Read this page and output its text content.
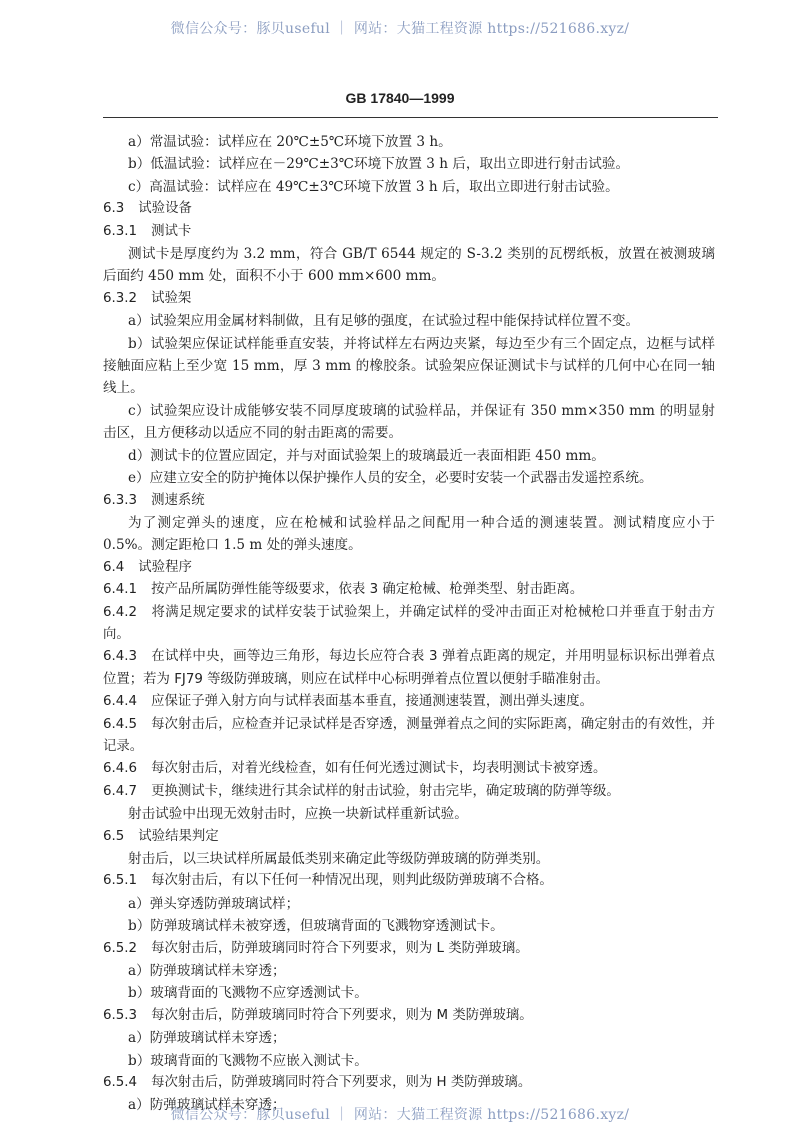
微信公众号：豚贝useful ｜ 网站：大猫工程资源 https://521686.xyz/
GB 17840—1999
a）常温试验：试样应在 20℃±5℃环境下放置 3 h。
b）低温试验：试样应在－29℃±3℃环境下放置 3 h 后，取出立即进行射击试验。
c）高温试验：试样应在 49℃±3℃环境下放置 3 h 后，取出立即进行射击试验。
6.3 试验设备
6.3.1 测试卡
测试卡是厚度约为 3.2 mm，符合 GB/T 6544 规定的 S-3.2 类别的瓦楞纸板，放置在被测玻璃后面约 450 mm 处，面积不小于 600 mm×600 mm。
6.3.2 试验架
a）试验架应用金属材料制做，且有足够的强度，在试验过程中能保持试样位置不变。
b）试验架应保证试样能垂直安装，并将试样左右两边夹紧，每边至少有三个固定点，边框与试样接触面应粘上至少宽 15 mm，厚 3 mm 的橡胶条。试验架应保证测试卡与试样的几何中心在同一轴线上。
c）试验架应设计成能够安装不同厚度玻璃的试验样品，并保证有 350 mm×350 mm 的明显射击区，且方便移动以适应不同的射击距离的需要。
d）测试卡的位置应固定，并与对面试验架上的玻璃最近一表面相距 450 mm。
e）应建立安全的防护掩体以保护操作人员的安全，必要时安装一个武器击发遥控系统。
6.3.3 测速系统
为了测定弹头的速度，应在枪械和试验样品之间配用一种合适的测速装置。测试精度应小于0.5%。测定距枪口 1.5 m 处的弹头速度。
6.4 试验程序
6.4.1 按产品所属防弹性能等级要求，依表 3 确定枪械、枪弹类型、射击距离。
6.4.2 将满足规定要求的试样安装于试验架上，并确定试样的受冲击面正对枪械枪口并垂直于射击方向。
6.4.3 在试样中央，画等边三角形，每边长应符合表 3 弹着点距离的规定，并用明显标识标出弹着点位置；若为 FJ79 等级防弹玻璃，则应在试样中心标明弹着点位置以便射手瞄准射击。
6.4.4 应保证子弹入射方向与试样表面基本垂直，接通测速装置，测出弹头速度。
6.4.5 每次射击后，应检查并记录试样是否穿透，测量弹着点之间的实际距离，确定射击的有效性，并记录。
6.4.6 每次射击后，对着光线检查，如有任何光透过测试卡，均表明测试卡被穿透。
6.4.7 更换测试卡，继续进行其余试样的射击试验，射击完毕，确定玻璃的防弹等级。
射击试验中出现无效射击时，应换一块新试样重新试验。
6.5 试验结果判定
射击后，以三块试样所属最低类别来确定此等级防弹玻璃的防弹类别。
6.5.1 每次射击后，有以下任何一种情况出现，则判此级防弹玻璃不合格。
a）弹头穿透防弹玻璃试样；
b）防弹玻璃试样未被穿透，但玻璃背面的飞溅物穿透测试卡。
6.5.2 每次射击后，防弹玻璃同时符合下列要求，则为 L 类防弹玻璃。
a）防弹玻璃试样未穿透；
b）玻璃背面的飞溅物不应穿透测试卡。
6.5.3 每次射击后，防弹玻璃同时符合下列要求，则为 M 类防弹玻璃。
a）防弹玻璃试样未穿透；
b）玻璃背面的飞溅物不应嵌入测试卡。
6.5.4 每次射击后，防弹玻璃同时符合下列要求，则为 H 类防弹玻璃。
a）防弹玻璃试样未穿透；
微信公众号：豚贝useful ｜ 网站：大猫工程资源 https://521686.xyz/
